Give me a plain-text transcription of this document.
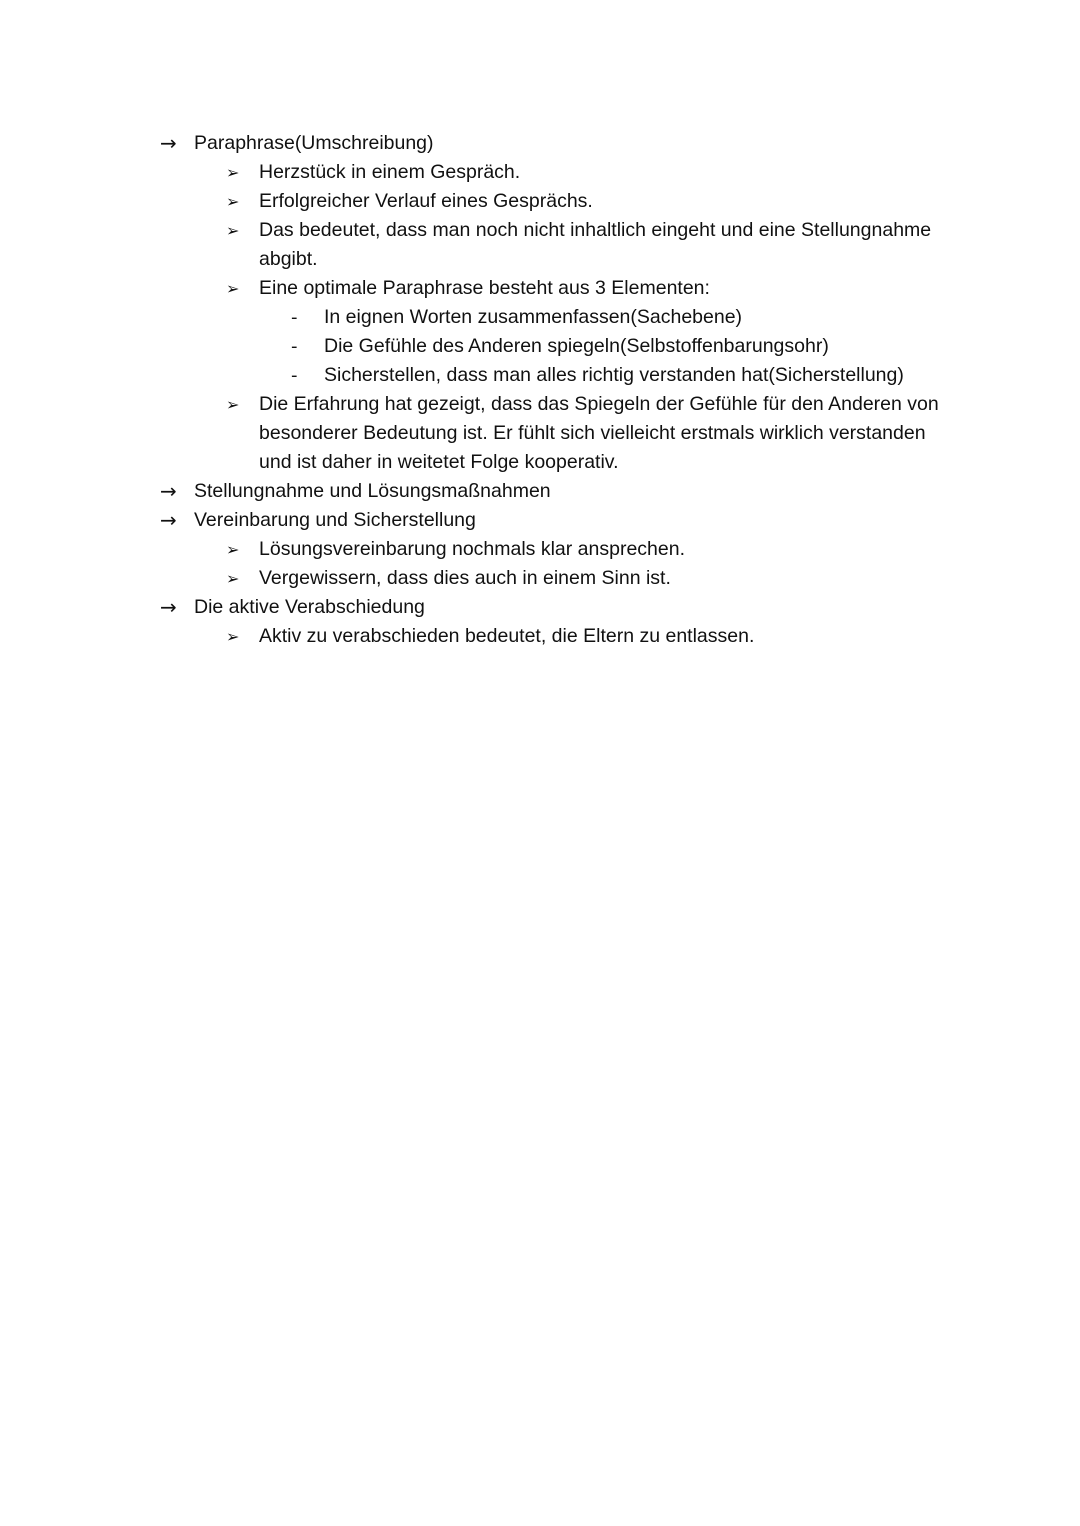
→ Paraphrase(Umschreibung)
➢ Herzstück in einem Gespräch.
➢ Erfolgreicher Verlauf eines Gesprächs.
➢ Das bedeutet, dass man noch nicht inhaltlich eingeht und eine Stellungnahme abgibt.
➢ Eine optimale Paraphrase besteht aus 3 Elementen:
- In eignen Worten zusammenfassen(Sachebene)
- Die Gefühle des Anderen spiegeln(Selbstoffenbarungsohr)
- Sicherstellen, dass man alles richtig verstanden hat(Sicherstellung)
➢ Die Erfahrung hat gezeigt, dass das Spiegeln der Gefühle für den Anderen von besonderer Bedeutung ist. Er fühlt sich vielleicht erstmals wirklich verstanden und ist daher in weitetet Folge kooperativ.
→ Stellungnahme und Lösungsmaßnahmen
→ Vereinbarung und Sicherstellung
➢ Lösungsvereinbarung nochmals klar ansprechen.
➢ Vergewissern, dass dies auch in einem Sinn ist.
→ Die aktive Verabschiedung
➢ Aktiv zu verabschieden bedeutet, die Eltern zu entlassen.
